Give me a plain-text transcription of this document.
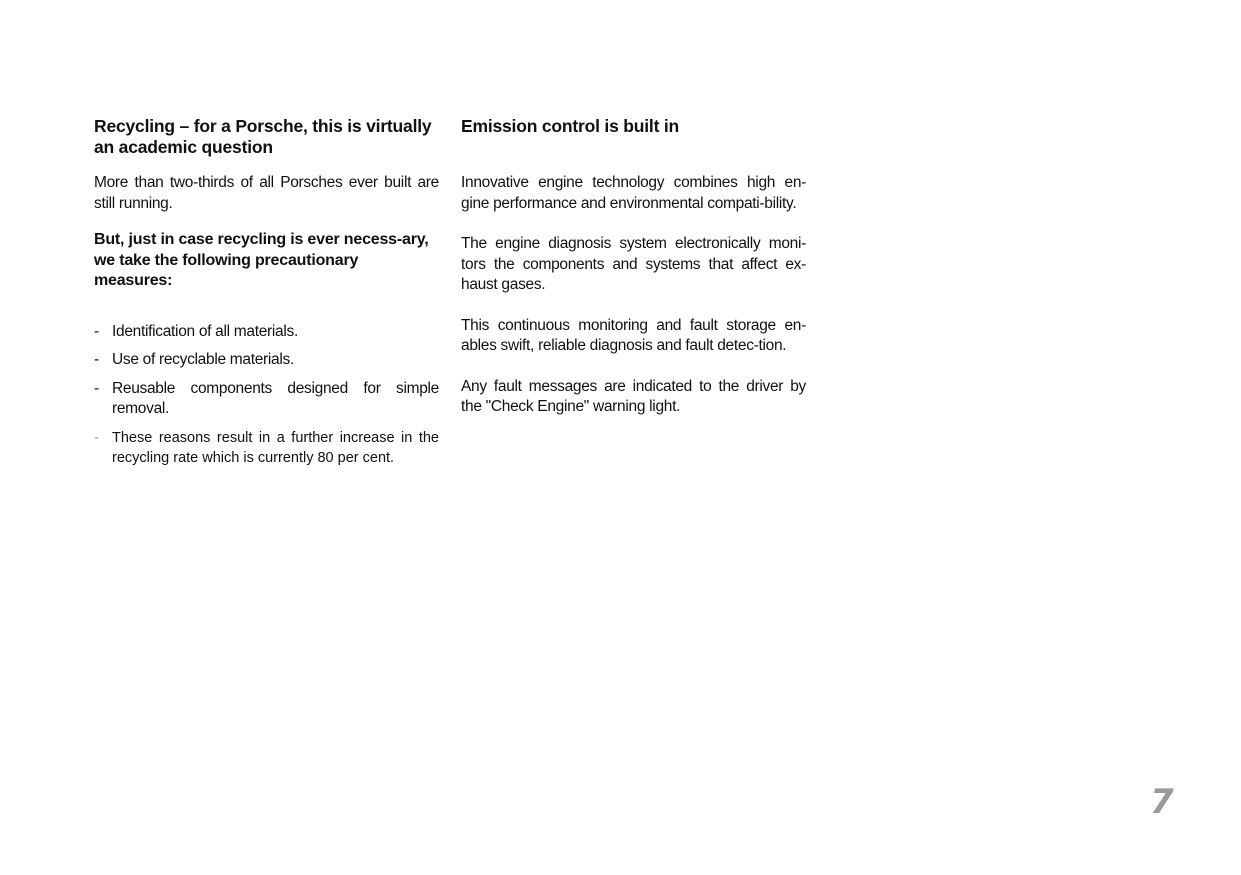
Recycling – for a Porsche, this is virtually an academic question

More than two-thirds of all Porsches ever built are still running.

But, just in case recycling is ever necess-ary, we take the following precautionary measures:

- Identification of all materials.
- Use of recyclable materials.
- Reusable components designed for simple removal.
- These reasons result in a further increase in the recycling rate which is currently 80 per cent.
Emission control is built in

Innovative engine technology combines high en-gine performance and environmental compati-bility.

The engine diagnosis system electronically moni-tors the components and systems that affect ex-haust gases.

This continuous monitoring and fault storage en-ables swift, reliable diagnosis and fault detec-tion.

Any fault messages are indicated to the driver by the "Check Engine" warning light.

7
